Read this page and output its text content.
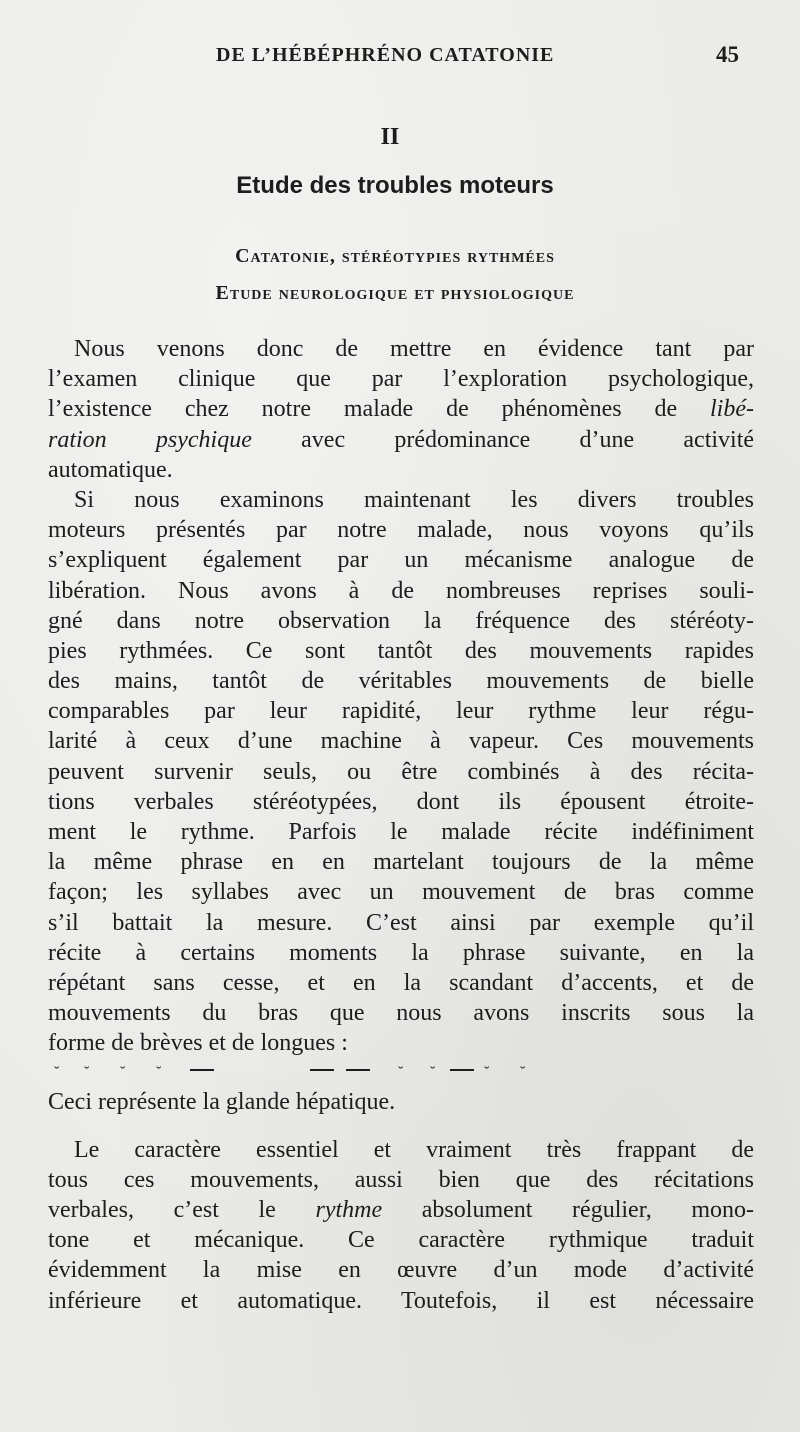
DE L’HÉBÉPHRÉNO CATATONIE	45
II
Etude des troubles moteurs
Catatonie, stéréotypies rythmées
Etude neurologique et physiologique
Nous venons donc de mettre en évidence tant par
l’examen clinique que par l’exploration psychologique,
l’existence chez notre malade de phénomènes de libé-
ration psychique avec prédominance d’une activité
automatique.
Si nous examinons maintenant les divers troubles
moteurs présentés par notre malade, nous voyons qu’ils
s’expliquent également par un mécanisme analogue de
libération. Nous avons à de nombreuses reprises souli-
gné dans notre observation la fréquence des stéréoty-
pies rythmées. Ce sont tantôt des mouvements rapides
des mains, tantôt de véritables mouvements de bielle
comparables par leur rapidité, leur rythme leur régu-
larité à ceux d’une machine à vapeur. Ces mouvements
peuvent survenir seuls, ou être combinés à des récita-
tions verbales stéréotypées, dont ils épousent étroite-
ment le rythme. Parfois le malade récite indéfiniment
la même phrase en en martelant toujours de la même
façon; les syllabes avec un mouvement de bras comme
s’il battait la mesure. C’est ainsi par exemple qu’il
récite à certains moments la phrase suivante, en la
répétant sans cesse, et en la scandant d’accents, et de
mouvements du bras que nous avons inscrits sous la
forme de brèves et de longues :
˘ ˘ ˘ ˘	˘ ˘	˘ ˘
Ceci représente la glande hépatique.
Le caractère essentiel et vraiment très frappant de
tous ces mouvements, aussi bien que des récitations
verbales, c’est le rythme absolument régulier, mono-
tone et mécanique. Ce caractère rythmique traduit
évidemment la mise en œuvre d’un mode d’activité
inférieure et automatique. Toutefois, il est nécessaire
